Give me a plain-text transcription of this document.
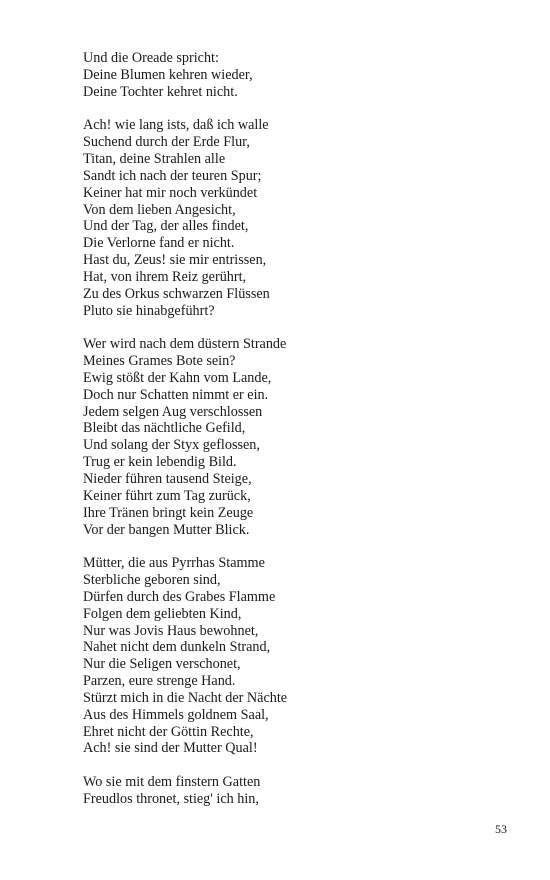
Und die Oreade spricht:
Deine Blumen kehren wieder,
Deine Tochter kehret nicht.
Ach! wie lang ists, daß ich walle
Suchend durch der Erde Flur,
Titan, deine Strahlen alle
Sandt ich nach der teuren Spur;
Keiner hat mir noch verkündet
Von dem lieben Angesicht,
Und der Tag, der alles findet,
Die Verlorne fand er nicht.
Hast du, Zeus! sie mir entrissen,
Hat, von ihrem Reiz gerührt,
Zu des Orkus schwarzen Flüssen
Pluto sie hinabgeführt?
Wer wird nach dem düstern Strande
Meines Grames Bote sein?
Ewig stößt der Kahn vom Lande,
Doch nur Schatten nimmt er ein.
Jedem selgen Aug verschlossen
Bleibt das nächtliche Gefild,
Und solang der Styx geflossen,
Trug er kein lebendig Bild.
Nieder führen tausend Steige,
Keiner führt zum Tag zurück,
Ihre Tränen bringt kein Zeuge
Vor der bangen Mutter Blick.
Mütter, die aus Pyrrhas Stamme
Sterbliche geboren sind,
Dürfen durch des Grabes Flamme
Folgen dem geliebten Kind,
Nur was Jovis Haus bewohnet,
Nahet nicht dem dunkeln Strand,
Nur die Seligen verschonet,
Parzen, eure strenge Hand.
Stürzt mich in die Nacht der Nächte
Aus des Himmels goldnem Saal,
Ehret nicht der Göttin Rechte,
Ach! sie sind der Mutter Qual!
Wo sie mit dem finstern Gatten
Freudlos thronet, stieg' ich hin,
53
